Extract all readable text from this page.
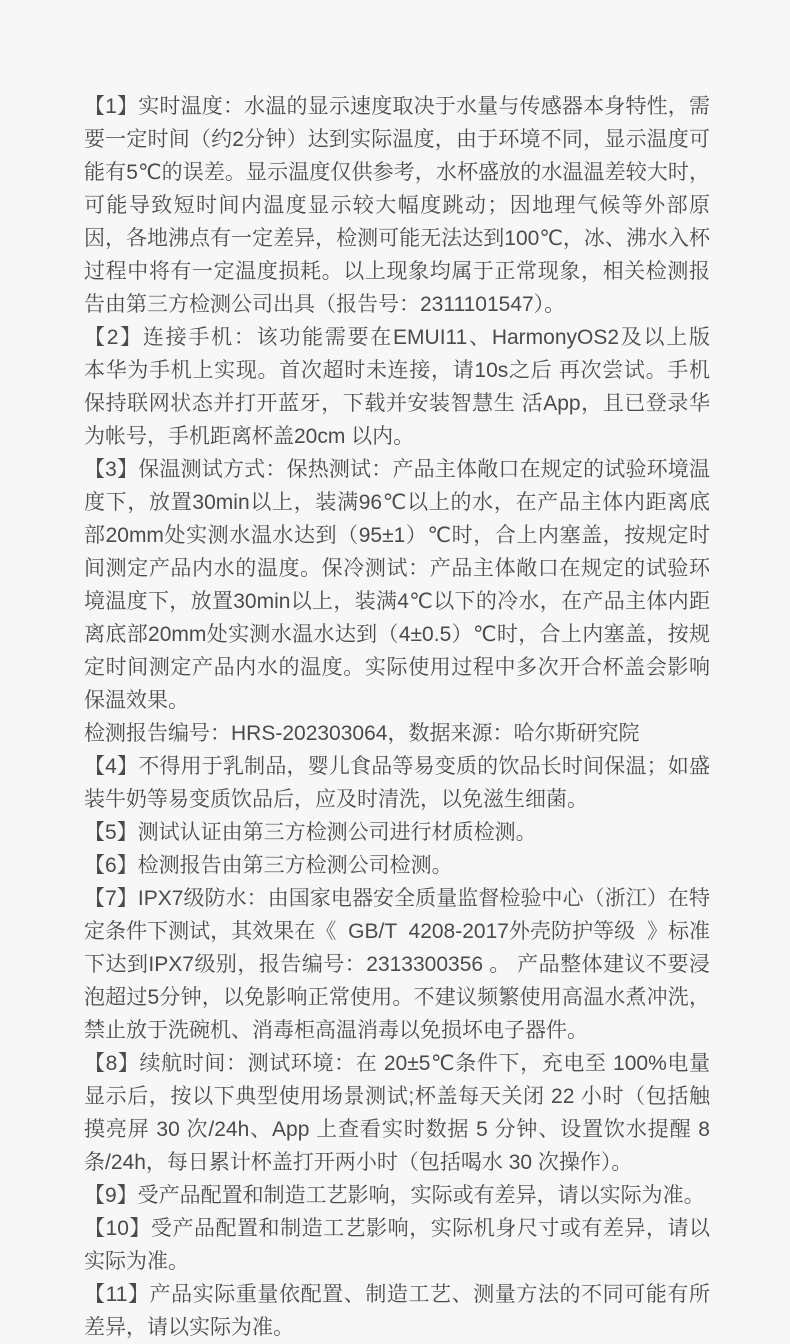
【1】实时温度：水温的显示速度取决于水量与传感器本身特性，需要一定时间（约2分钟）达到实际温度，由于环境不同，显示温度可能有5℃的误差。显示温度仅供参考，水杯盛放的水温温差较大时，可能导致短时间内温度显示较大幅度跳动；因地理气候等外部原因，各地沸点有一定差异，检测可能无法达到100℃，冰、沸水入杯过程中将有一定温度损耗。以上现象均属于正常现象，相关检测报告由第三方检测公司出具（报告号：2311101547）。

【2】连接手机：该功能需要在EMUI11、HarmonyOS2及以上版    本华为手机上实现。首次超时未连接，请10s之后 再次尝试。手机保持联网状态并打开蓝牙，下载并安装智慧生 活App，且已登录华为帐号，手机距离杯盖20cm 以内。

【3】保温测试方式：保热测试：产品主体敞口在规定的试验环境温度下，放置30min以上，装满96℃以上的水，在产品主体内距离底部20mm处实测水温水达到（95±1）℃时，合上内塞盖，按规定时间测定产品内水的温度。保冷测试：产品主体敞口在规定的试验环境温度下，放置30min以上，装满4℃以下的冷水，在产品主体内距离底部20mm处实测水温水达到（4±0.5）℃时，合上内塞盖，按规定时间测定产品内水的温度。实际使用过程中多次开合杯盖会影响保温效果。

检测报告编号：HRS-202303064，数据来源：哈尔斯研究院

【4】不得用于乳制品，婴儿食品等易变质的饮品长时间保温；如盛装牛奶等易变质饮品后，应及时清洗，以免滋生细菌。

【5】测试认证由第三方检测公司进行材质检测。

【6】检测报告由第三方检测公司检测。

【7】IPX7级防水：由国家电器安全质量监督检验中心（浙江）在特定条件下测试，其效果在《  GB/T  4208-2017外壳防护等级  》标准下达到IPX7级别，报告编号：2313300356 。 产品整体建议不要浸泡超过5分钟，以免影响正常使用。不建议频繁使用高温水煮冲洗，禁止放于洗碗机、消毒柜高温消毒以免损坏电子器件。

【8】续航时间：测试环境：在 20±5℃条件下，充电至 100%电量显示后，按以下典型使用场景测试;杯盖每天关闭 22 小时（包括触摸亮屏 30 次/24h、App 上查看实时数据 5 分钟、设置饮水提醒 8 条/24h，每日累计杯盖打开两小时（包括喝水 30 次操作）。

【9】受产品配置和制造工艺影响，实际或有差异，请以实际为准。

【10】受产品配置和制造工艺影响，实际机身尺寸或有差异，请以实际为准。

【11】产品实际重量依配置、制造工艺、测量方法的不同可能有所差异，请以实际为准。
